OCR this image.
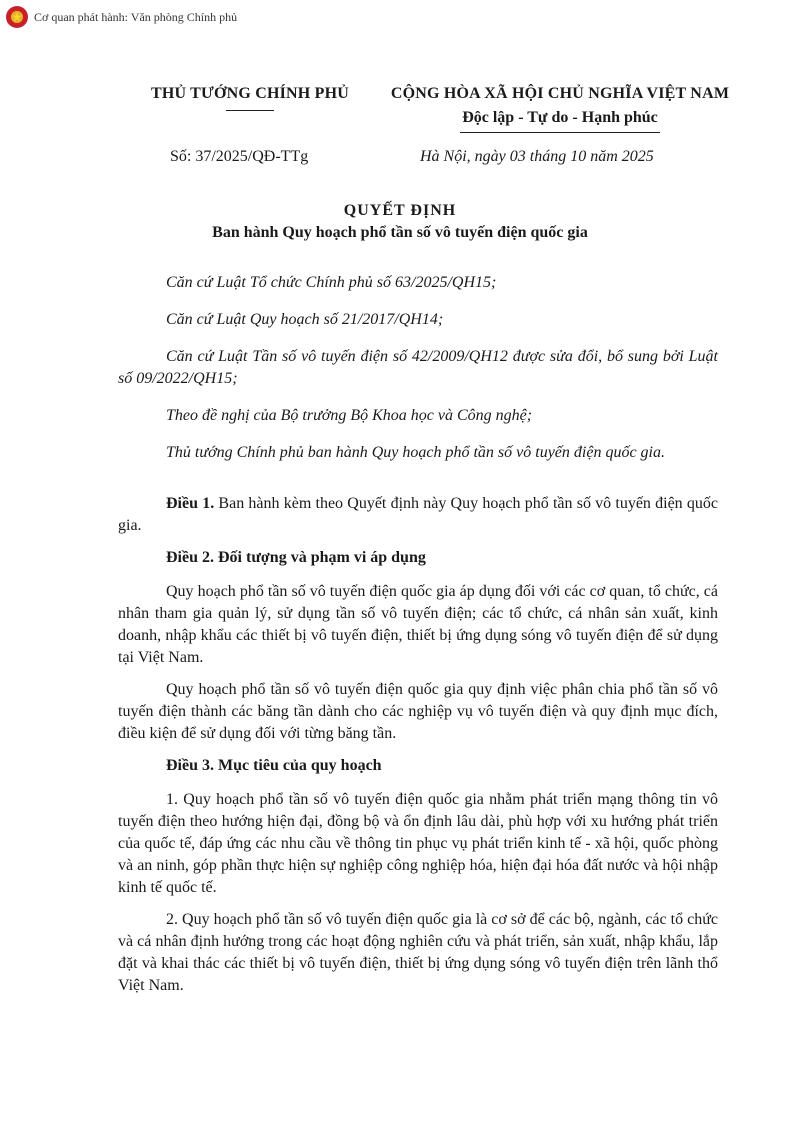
Cơ quan phát hành: Văn phòng Chính phủ

THỦ TƯỚNG CHÍNH PHỦ	CỘNG HÒA XÃ HỘI CHỦ NGHĨA VIỆT NAM

Độc lập - Tự do - Hạnh phúc

Số: 37/2025/QĐ-TTg	Hà Nội, ngày 03 tháng 10 năm 2025
QUYẾT ĐỊNH
Ban hành Quy hoạch phổ tần số vô tuyến điện quốc gia

Căn cứ Luật Tổ chức Chính phủ số 63/2025/QH15;

Căn cứ Luật Quy hoạch số 21/2017/QH14;

Căn cứ Luật Tần số vô tuyến điện số 42/2009/QH12 được sửa đổi, bổ sung bởi Luật số 09/2022/QH15;

Theo đề nghị của Bộ trưởng Bộ Khoa học và Công nghệ;

Thủ tướng Chính phủ ban hành Quy hoạch phổ tần số vô tuyến điện quốc gia.

Điều 1. Ban hành kèm theo Quyết định này Quy hoạch phổ tần số vô tuyến điện quốc gia.

Điều 2. Đối tượng và phạm vi áp dụng

Quy hoạch phổ tần số vô tuyến điện quốc gia áp dụng đối với các cơ quan, tổ chức, cá nhân tham gia quản lý, sử dụng tần số vô tuyến điện; các tổ chức, cá nhân sản xuất, kinh doanh, nhập khẩu các thiết bị vô tuyến điện, thiết bị ứng dụng sóng vô tuyến điện để sử dụng tại Việt Nam.

Quy hoạch phổ tần số vô tuyến điện quốc gia quy định việc phân chia phổ tần số vô tuyến điện thành các băng tần dành cho các nghiệp vụ vô tuyến điện và quy định mục đích, điều kiện để sử dụng đối với từng băng tần.

Điều 3. Mục tiêu của quy hoạch

1. Quy hoạch phổ tần số vô tuyến điện quốc gia nhằm phát triển mạng thông tin vô tuyến điện theo hướng hiện đại, đồng bộ và ổn định lâu dài, phù hợp với xu hướng phát triển của quốc tế, đáp ứng các nhu cầu về thông tin phục vụ phát triển kinh tế - xã hội, quốc phòng và an ninh, góp phần thực hiện sự nghiệp công nghiệp hóa, hiện đại hóa đất nước và hội nhập kinh tế quốc tế.

2. Quy hoạch phổ tần số vô tuyến điện quốc gia là cơ sở để các bộ, ngành, các tổ chức và cá nhân định hướng trong các hoạt động nghiên cứu và phát triển, sản xuất, nhập khẩu, lắp đặt và khai thác các thiết bị vô tuyến điện, thiết bị ứng dụng sóng vô tuyến điện trên lãnh thổ Việt Nam.
